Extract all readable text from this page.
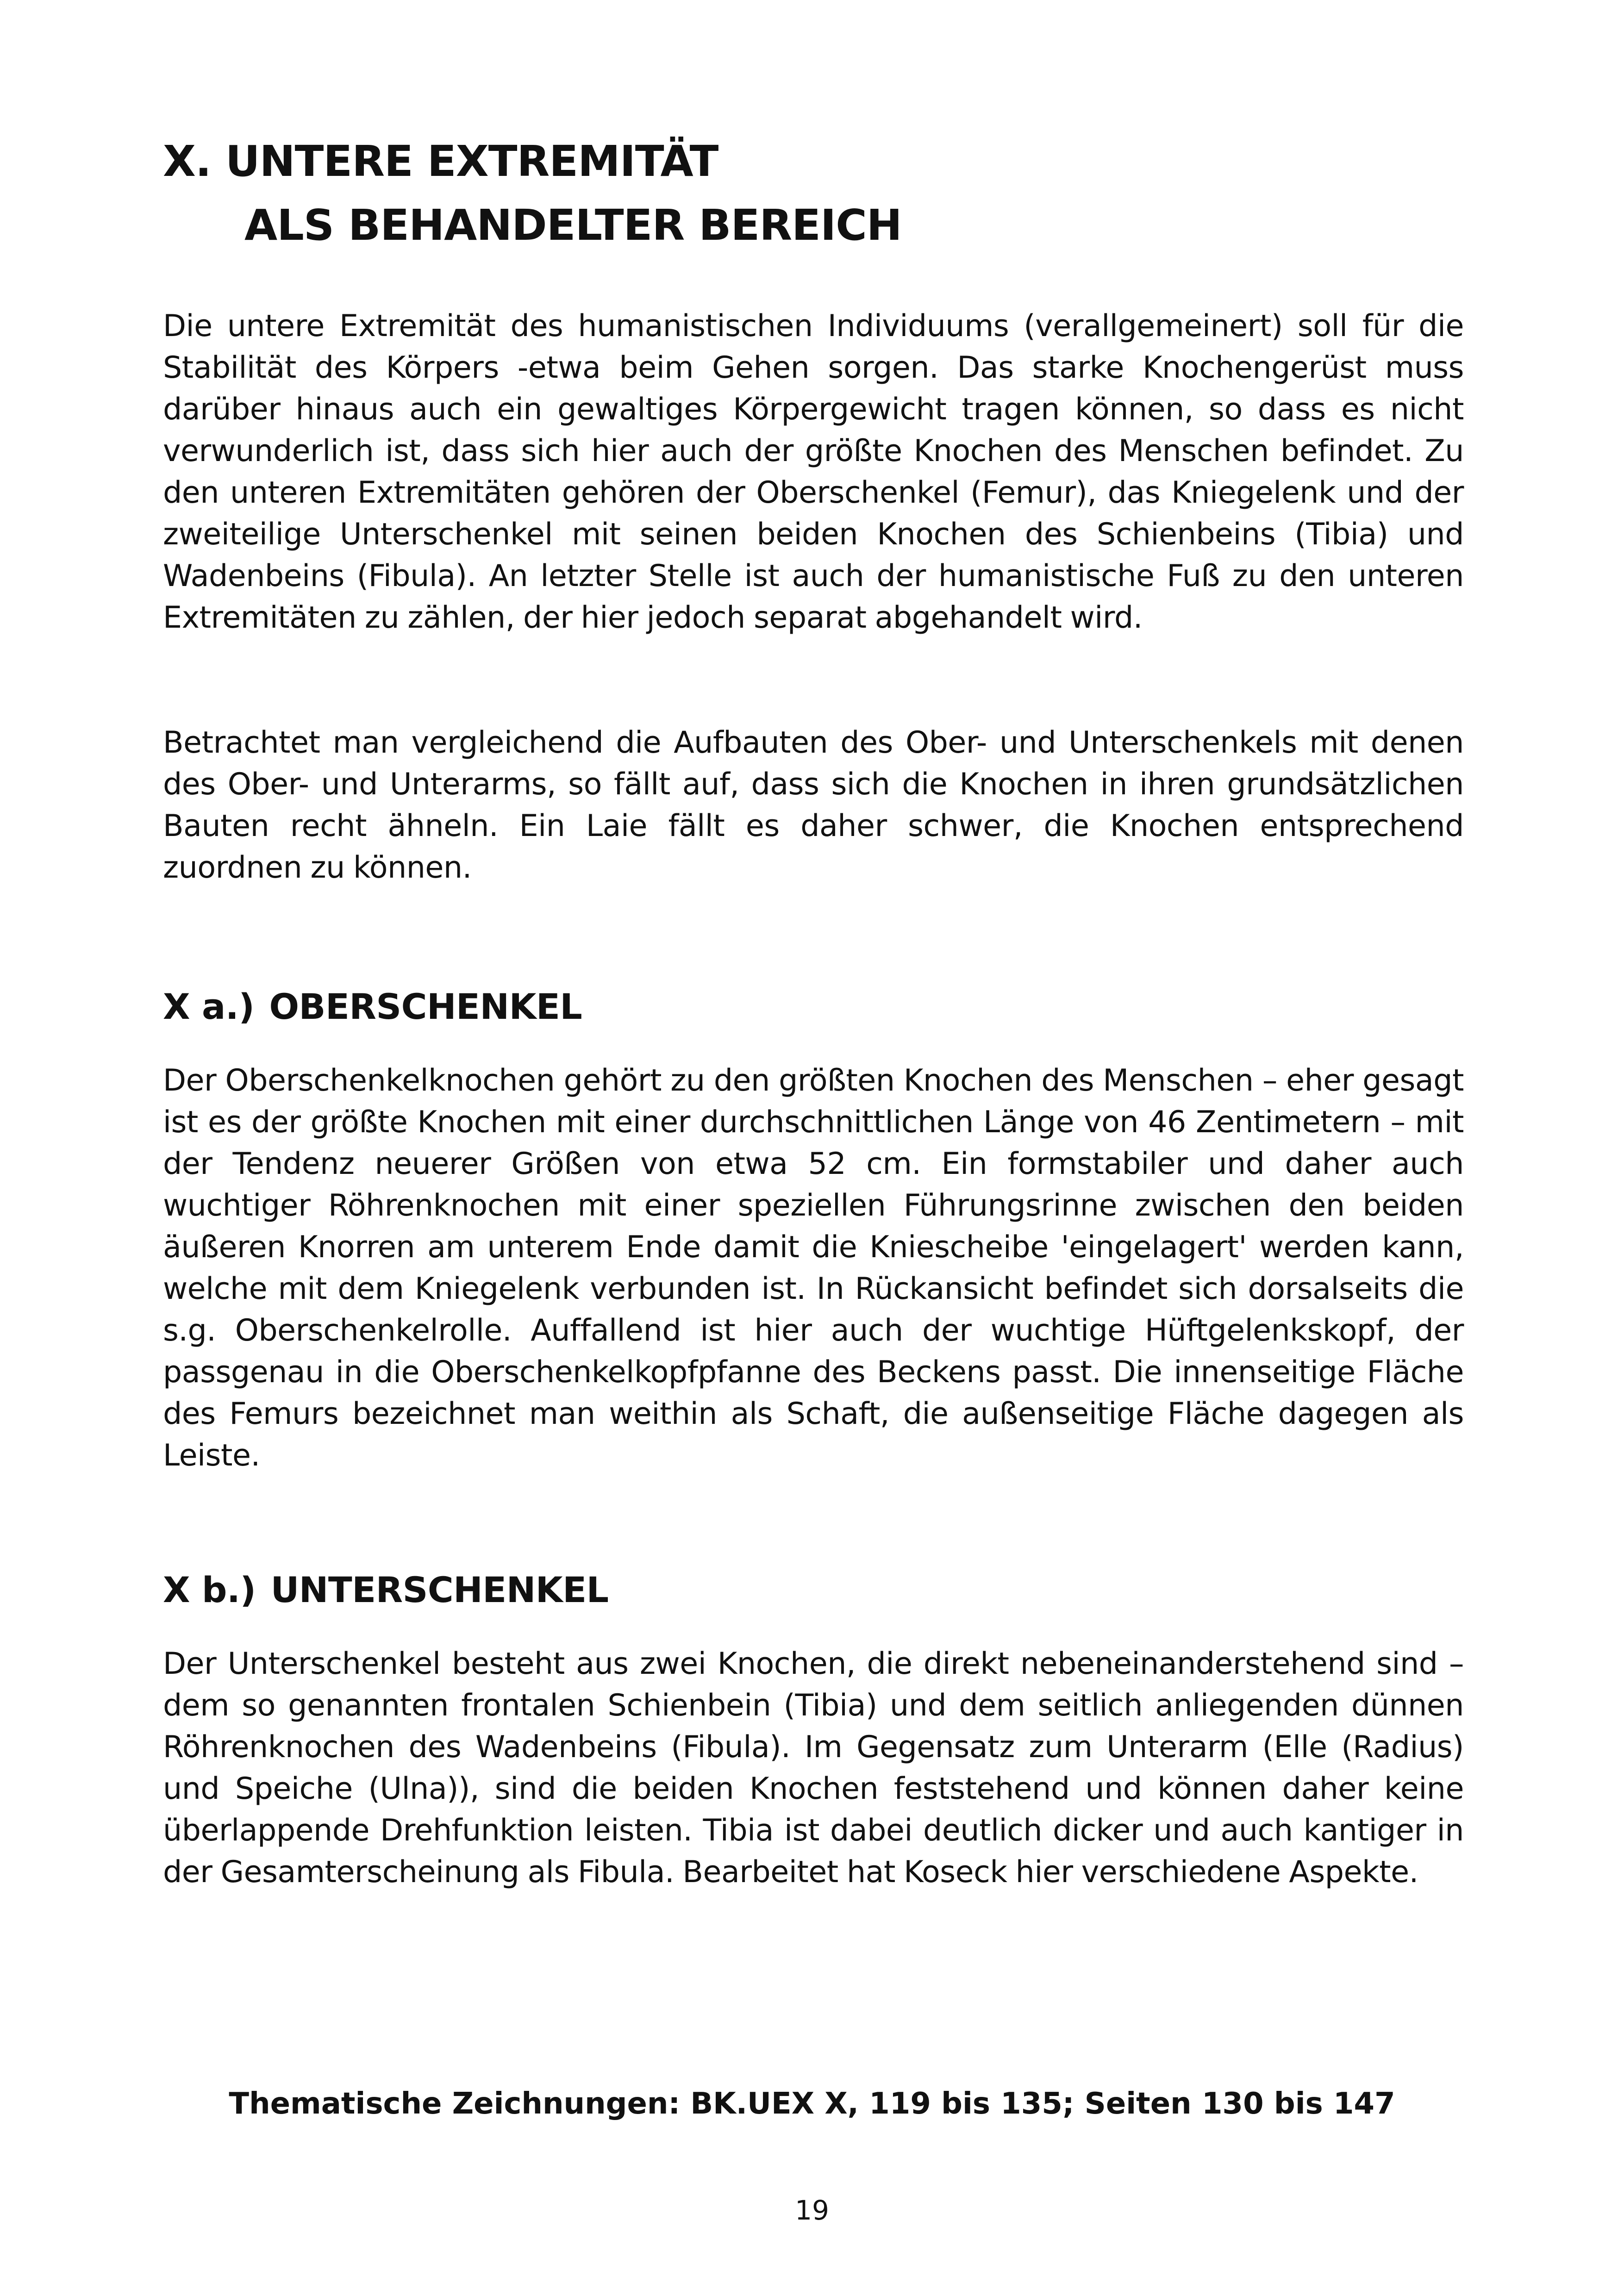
X. UNTERE EXTREMITÄT
ALS BEHANDELTER BEREICH

Die untere Extremität des humanistischen Individuums (verallgemeinert) soll für die Stabilität des Körpers -etwa beim Gehen sorgen. Das starke Knochengerüst muss darüber hinaus auch ein gewaltiges Körpergewicht tragen können, so dass es nicht verwunderlich ist, dass sich hier auch der größte Knochen des Menschen befindet. Zu den unteren Extremitäten gehören der Oberschenkel (Femur), das Kniegelenk und der zweiteilige Unterschenkel mit seinen beiden Knochen des Schienbeins (Tibia) und Wadenbeins (Fibula). An letzter Stelle ist auch der humanistische Fuß zu den unteren Extremitäten zu zählen, der hier jedoch separat abgehandelt wird.

Betrachtet man vergleichend die Aufbauten des Ober- und Unterschenkels mit denen des Ober- und Unterarms, so fällt auf, dass sich die Knochen in ihren grundsätzlichen Bauten recht ähneln. Ein Laie fällt es daher schwer, die Knochen entsprechend zuordnen zu können.

X a.) OBERSCHENKEL

Der Oberschenkelknochen gehört zu den größten Knochen des Menschen – eher gesagt ist es der größte Knochen mit einer durchschnittlichen Länge von 46 Zentimetern – mit der Tendenz neuerer Größen von etwa 52 cm. Ein formstabiler und daher auch wuchtiger Röhrenknochen mit einer speziellen Führungsrinne zwischen den beiden äußeren Knorren am unterem Ende damit die Kniescheibe 'eingelagert' werden kann, welche mit dem Kniegelenk verbunden ist. In Rückansicht befindet sich dorsalseits die s.g. Oberschenkelrolle. Auffallend ist hier auch der wuchtige Hüftgelenkskopf, der passgenau in die Oberschenkelkopfpfanne des Beckens passt. Die innenseitige Fläche des Femurs bezeichnet man weithin als Schaft, die außenseitige Fläche dagegen als Leiste.

X b.) UNTERSCHENKEL

Der Unterschenkel besteht aus zwei Knochen, die direkt nebeneinanderstehend sind – dem so genannten frontalen Schienbein (Tibia) und dem seitlich anliegenden dünnen Röhrenknochen des Wadenbeins (Fibula). Im Gegensatz zum Unterarm (Elle (Radius) und Speiche (Ulna)), sind die beiden Knochen feststehend und können daher keine überlappende Drehfunktion leisten. Tibia ist dabei deutlich dicker und auch kantiger in der Gesamterscheinung als Fibula. Bearbeitet hat Koseck hier verschiedene Aspekte.

Thematische Zeichnungen: BK.UEX X, 119 bis 135; Seiten 130 bis 147

19
